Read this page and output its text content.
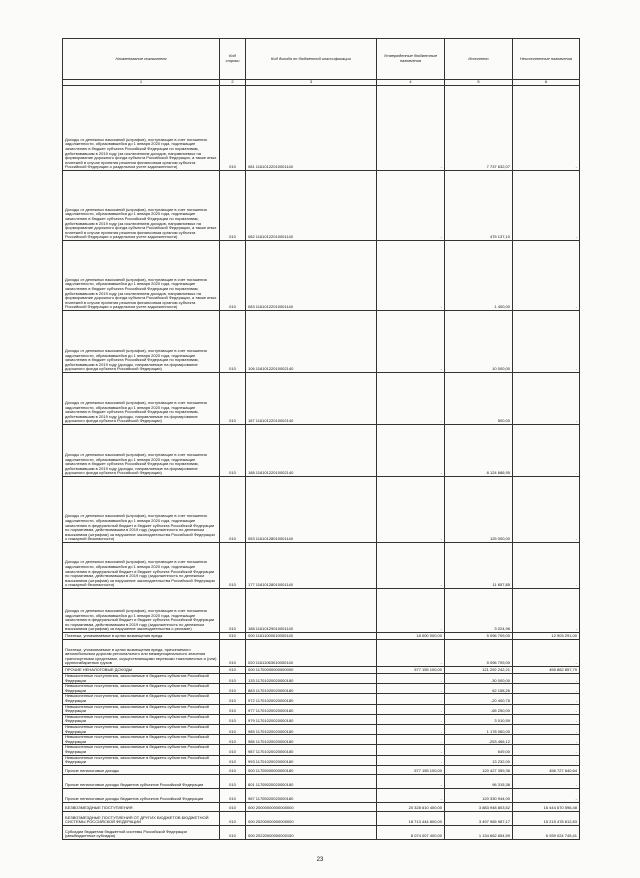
Наименование показателя	Код строки	Код дохода по бюджетной классификации	Утвержденные бюджетные назначения	Исполнено	Неисполненные назначения
1	2	3	4	5	6
Доходы от денежных взысканий (штрафов), поступающие в счет погашения задолженности, образовавшейся до 1 января 2020 года, подлежащие зачислению в бюджет субъекта Российской Федерации по нормативам, действовавшим в 2019 году (за исключением доходов, направляемых на формирование дорожного фонда субъекта Российской Федерации, а также иных платежей в случае принятия решения финансовым органом субъекта Российской Федерации о раздельном учете задолженности)	010	081 11610122010001140	-	7 737 632,07	-
Доходы от денежных взысканий (штрафов), поступающие в счет погашения задолженности, образовавшейся до 1 января 2020 года, подлежащие зачислению в бюджет субъекта Российской Федерации по нормативам, действовавшим в 2019 году (за исключением доходов, направляемых на формирование дорожного фонда субъекта Российской Федерации, а также иных платежей в случае принятия решения финансовым органом субъекта Российской Федерации о раздельном учете задолженности)	010	082 11610122010001140	-	475 137,10	-
Доходы от денежных взысканий (штрафов), поступающие в счет погашения задолженности, образовавшейся до 1 января 2020 года, подлежащие зачислению в бюджет субъекта Российской Федерации по нормативам, действовавшим в 2019 году (за исключением доходов, направляемых на формирование дорожного фонда субъекта Российской Федерации, а также иных платежей в случае принятия решения финансовым органом субъекта Российской Федерации о раздельном учете задолженности)	010	083 11610122010001140	-	1 400,00	-
Доходы от денежных взысканий (штрафов), поступающие в счет погашения задолженности, образовавшейся до 1 января 2020 года, подлежащие зачислению в бюджет субъекта Российской Федерации по нормативам, действовавшим в 2019 году (доходы, направляемые на формирование дорожного фонда субъекта Российской Федерации)	010	106 11610122010002140	-	10 000,00	-
Доходы от денежных взысканий (штрафов), поступающие в счет погашения задолженности, образовавшейся до 1 января 2020 года, подлежащие зачислению в бюджет субъекта Российской Федерации по нормативам, действовавшим в 2019 году (доходы, направляемые на формирование дорожного фонда субъекта Российской Федерации)	010	187 11610122010002140	-	500,00	-
Доходы от денежных взысканий (штрафов), поступающие в счет погашения задолженности, образовавшейся до 1 января 2020 года, подлежащие зачислению в бюджет субъекта Российской Федерации по нормативам, действовавшим в 2019 году (доходы, направляемые на формирование дорожного фонда субъекта Российской Федерации)	010	188 11610122010002140	-	8 124 686,95	-
Доходы от денежных взысканий (штрафов), поступающие в счет погашения задолженности, образовавшейся до 1 января 2020 года, подлежащие зачислению в федеральный бюджет и бюджет субъекта Российской Федерации по нормативам, действовавшим в 2019 году (задолженность по денежным взысканиям (штрафам) за нарушение законодательства Российской Федерации о пожарной безопасности)	010	053 11610128010001140	-	125 000,00	-
Доходы от денежных взысканий (штрафов), поступающие в счет погашения задолженности, образовавшейся до 1 января 2020 года, подлежащие зачислению в федеральный бюджет и бюджет субъекта Российской Федерации по нормативам, действовавшим в 2019 году (задолженность по денежным взысканиям (штрафам) за нарушение законодательства Российской Федерации о пожарной безопасности)	010	177 11610128010001140	-	11 657,85	-
Доходы от денежных взысканий (штрафов), поступающие в счет погашения задолженности, образовавшейся до 1 января 2020 года, подлежащие зачислению в федеральный бюджет и бюджет субъекта Российской Федерации по нормативам, действовавшим в 2019 году (задолженность по денежным взысканиям (штрафам) за нарушение законодательства о рекламе)	010	188 11610129010001140	-	3 024,96	-
Платежи, уплачиваемые в целях возмещения вреда	010	000 11611000010000140	18 000 000,00	5 096 709,00	12 903 291,00
Платежи, уплачиваемые в целях возмещения вреда, причиняемого автомобильным дорогам регионального или межмуниципального значения транспортными средствами, осуществляющими перевозки тяжеловесных и (или) крупногабаритных грузов	010	020 11611063010000140	-	5 096 709,00	-
ПРОЧИЕ НЕНАЛОГОВЫЕ ДОХОДЫ	010	000 11700000000000000	577 155 100,00	121 292 242,21	455 862 857,79
Невыясненные поступления, зачисляемые в бюджеты субъектов Российской Федерации	010	133 11701020020000180	-	-30 000,00	-
Невыясненные поступления, зачисляемые в бюджеты субъектов Российской Федерации	010	883 11701020020000180	-	62 158,26	-
Невыясненные поступления, зачисляемые в бюджеты субъектов Российской Федерации	010	972 11701020020000180	-	-20 400,76	-
Невыясненные поступления, зачисляемые в бюджеты субъектов Российской Федерации	010	977 11701020020000180	-	-65 250,00	-
Невыясненные поступления, зачисляемые в бюджеты субъектов Российской Федерации	010	979 11701020020000180	-	3 010,59	-
Невыясненные поступления, зачисляемые в бюджеты субъектов Российской Федерации	010	985 11701020020000180	-	1 178 060,00	-
Невыясненные поступления, зачисляемые в бюджеты субъектов Российской Федерации	010	986 11701020020000180	-	-253 466,12	-
Невыясненные поступления, зачисляемые в бюджеты субъектов Российской Федерации	010	987 11701020020000180	-	649,00	-
Невыясненные поступления, зачисляемые в бюджеты субъектов Российской Федерации	010	993 11701020020000180	-	13 232,00	-
Прочие неналоговые доходы	010	000 11705000000000180	577 155 100,00	120 427 359,36	456 727 640,64
Прочие неналоговые доходы бюджетов субъектов Российской Федерации	010	801 11705020020000180	-	96 315,36	-
Прочие неналоговые доходы бюджетов субъектов Российской Федерации	010	987 11705020020000180	-	120 330 944,00	-
БЕЗВОЗМЕЗДНЫЕ ПОСТУПЛЕНИЯ	010	000 20000000000000000	20 328 610 400,00	3 883 948 803,52	16 444 670 596,48
БЕЗВОЗМЕЗДНЫЕ ПОСТУПЛЕНИЯ ОТ ДРУГИХ БЮДЖЕТОВ БЮДЖЕТНОЙ СИСТЕМЫ РОССИЙСКОЙ ФЕДЕРАЦИИ	010	000 20200000000000000	18 713 444 800,00	3 497 965 987,17	15 215 478 812,83
Субсидии бюджетам бюджетной системы Российской Федерации (межбюджетные субсидии)	010	000 20220000000000150	8 074 007 400,00	1 134 662 654,59	6 939 024 745,41
23
